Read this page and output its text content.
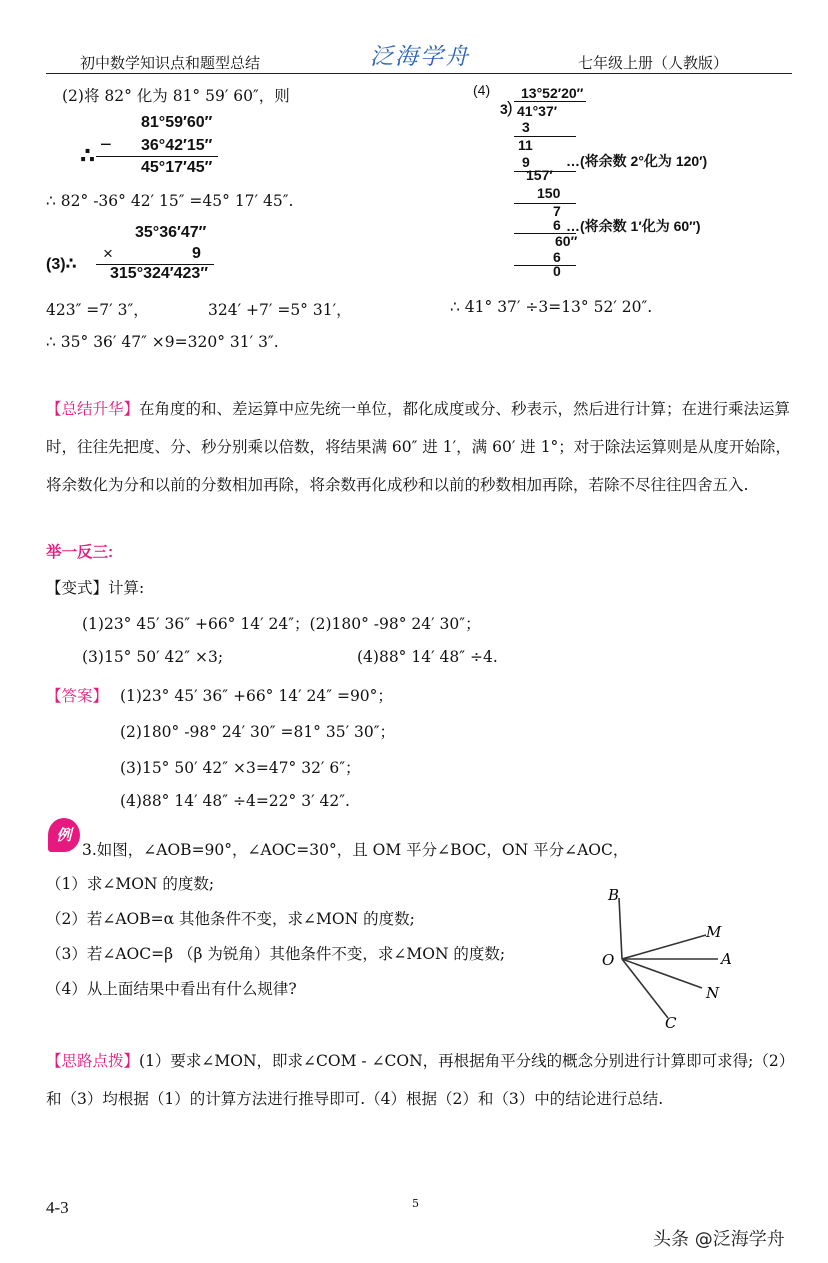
初中数学知识点和题型总结	泛海学舟	七年级上册（人教版）
(2)将 82° 化为 81° 59′ 60″，则
81°59′60″
− 36°42′15″
∴	45°17′45″
∴ 82° -36° 42′ 15″ =45° 17′ 45″.
35°36′47″
(3)∴
×	9
315°324′423″
423″ =7′ 3″，	324′ +7′ =5° 31′，
∴ 35° 36′ 47″ ×9=320° 31′ 3″.
(4) 13°52′20″
3 ) 41°37′
3
11
9	…(将余数 2°化为 120′)
157′
150
7
6 …(将余数 1′化为 60″)
60″
6
0
∴ 41° 37′ ÷3=13° 52′ 20″.
【总结升华】在角度的和、差运算中应先统一单位，都化成度或分、秒表示，然后进行计算；在进行乘法运算时，往往先把度、分、秒分别乘以倍数，将结果满 60″ 进 1′，满 60′ 进 1°；对于除法运算则是从度开始除，将余数化为分和以前的分数相加再除，将余数再化成秒和以前的秒数相加再除，若除不尽往往四舍五入.
举一反三:
【变式】计算:
(1)23° 45′ 36″ +66° 14′ 24″；(2)180° -98° 24′ 30″；
(3)15° 50′ 42″ ×3;	(4)88° 14′ 48″ ÷4.
【答案】 (1)23° 45′ 36″ +66° 14′ 24″ =90°；
(2)180° -98° 24′ 30″ =81° 35′ 30″；
(3)15° 50′ 42″ ×3=47° 32′ 6″；
(4)88° 14′ 48″ ÷4=22° 3′ 42″.
例
3.如图，∠AOB=90°，∠AOC=30°，且 OM 平分∠BOC，ON 平分∠AOC，
（1）求∠MON 的度数;
（2）若∠AOB=α 其他条件不变，求∠MON 的度数;
（3）若∠AOC=β （β 为锐角）其他条件不变，求∠MON 的度数;
（4）从上面结果中看出有什么规律?
B
M
O	A
N
C
【思路点拨】(1）要求∠MON，即求∠COM - ∠CON，再根据角平分线的概念分别进行计算即可求得;（2）和（3）均根据（1）的计算方法进行推导即可.（4）根据（2）和（3）中的结论进行总结.
4-3	5
头条 @泛海学舟
